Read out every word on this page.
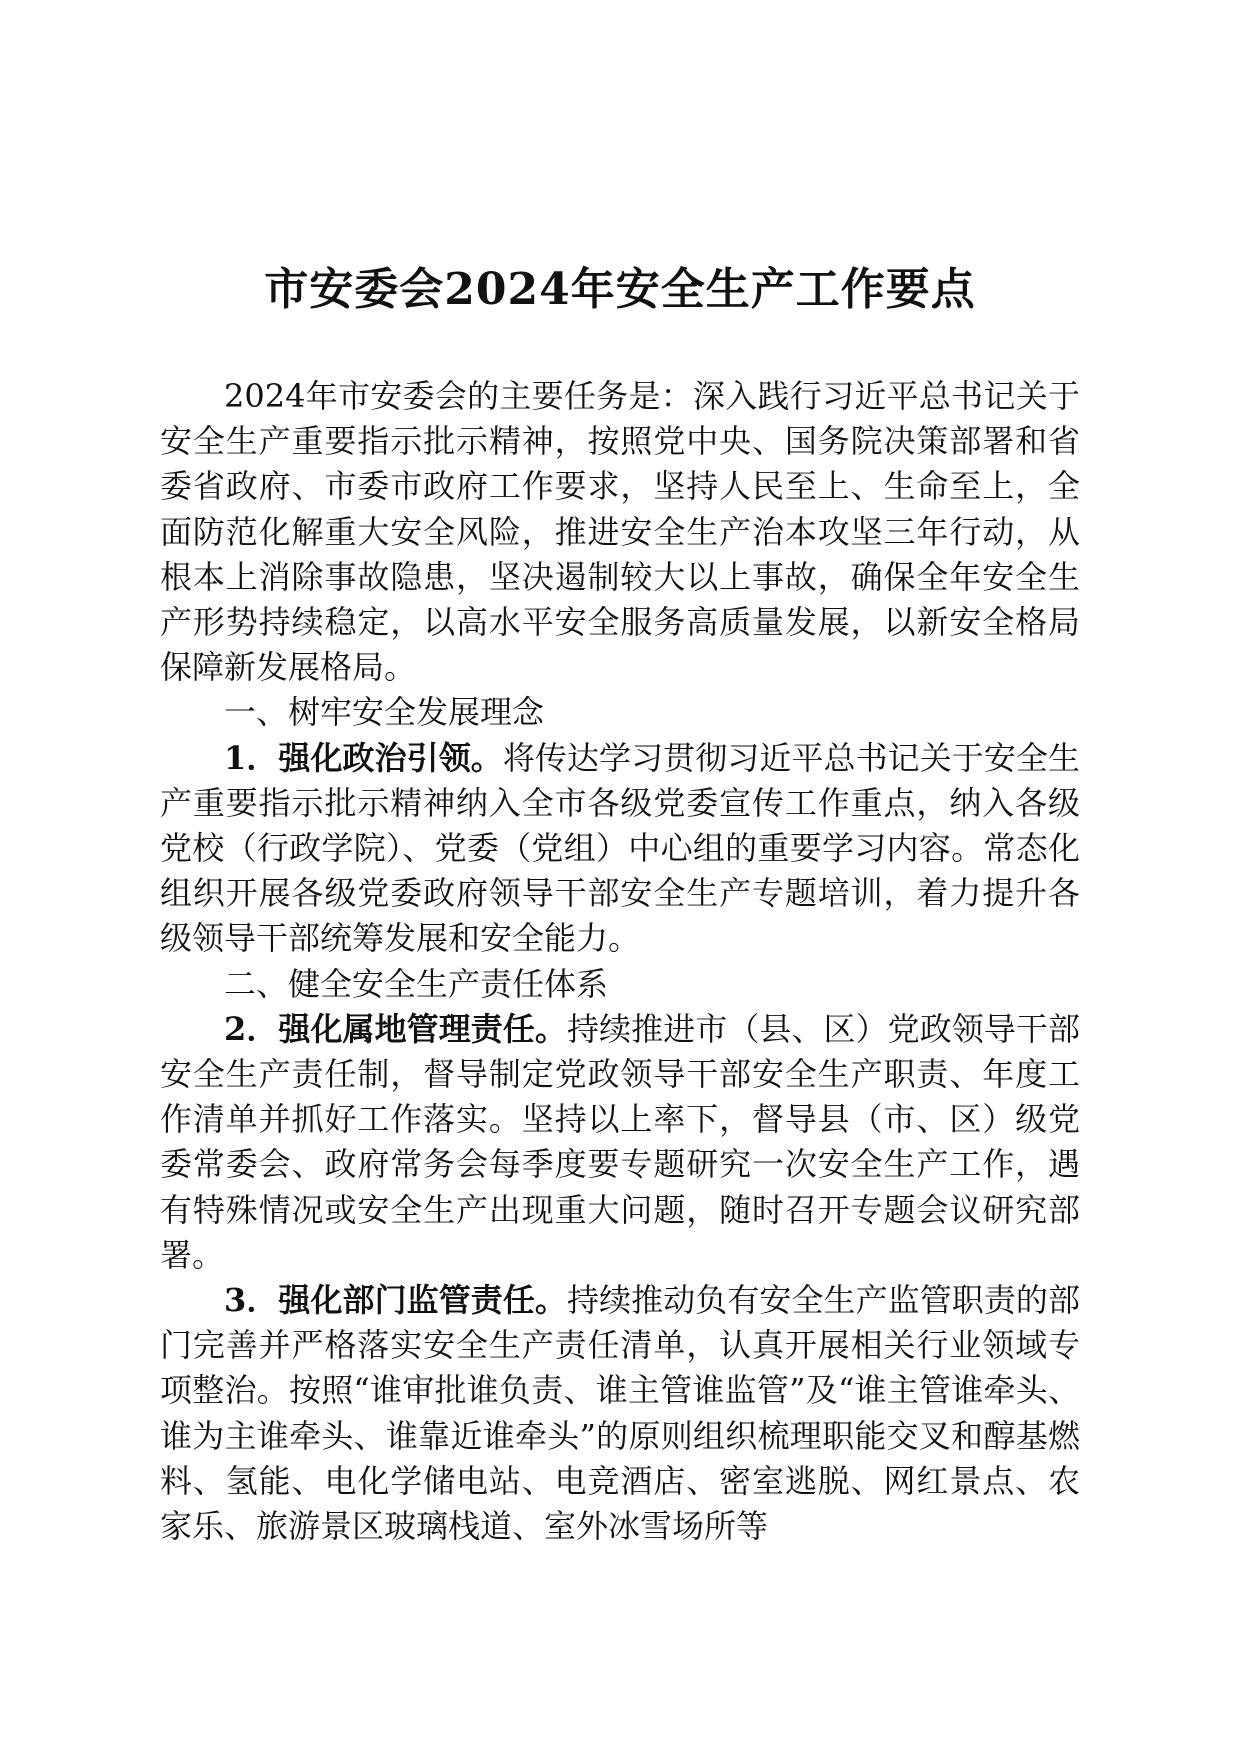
市安委会2024年安全生产工作要点

2024年市安委会的主要任务是：深入践行习近平总书记关于安全生产重要指示批示精神，按照党中央、国务院决策部署和省委省政府、市委市政府工作要求，坚持人民至上、生命至上，全面防范化解重大安全风险，推进安全生产治本攻坚三年行动，从根本上消除事故隐患，坚决遏制较大以上事故，确保全年安全生产形势持续稳定，以高水平安全服务高质量发展，以新安全格局保障新发展格局。

一、树牢安全发展理念

1．强化政治引领。将传达学习贯彻习近平总书记关于安全生产重要指示批示精神纳入全市各级党委宣传工作重点，纳入各级党校（行政学院）、党委（党组）中心组的重要学习内容。常态化组织开展各级党委政府领导干部安全生产专题培训，着力提升各级领导干部统筹发展和安全能力。

二、健全安全生产责任体系

2．强化属地管理责任。持续推进市（县、区）党政领导干部安全生产责任制，督导制定党政领导干部安全生产职责、年度工作清单并抓好工作落实。坚持以上率下，督导县（市、区）级党委常委会、政府常务会每季度要专题研究一次安全生产工作，遇有特殊情况或安全生产出现重大问题，随时召开专题会议研究部署。

3．强化部门监管责任。持续推动负有安全生产监管职责的部门完善并严格落实安全生产责任清单，认真开展相关行业领域专项整治。按照“谁审批谁负责、谁主管谁监管”及“谁主管谁牵头、谁为主谁牵头、谁靠近谁牵头”的原则组织梳理职能交叉和醇基燃料、氢能、电化学储电站、电竞酒店、密室逃脱、网红景点、农家乐、旅游景区玻璃栈道、室外冰雪场所等
